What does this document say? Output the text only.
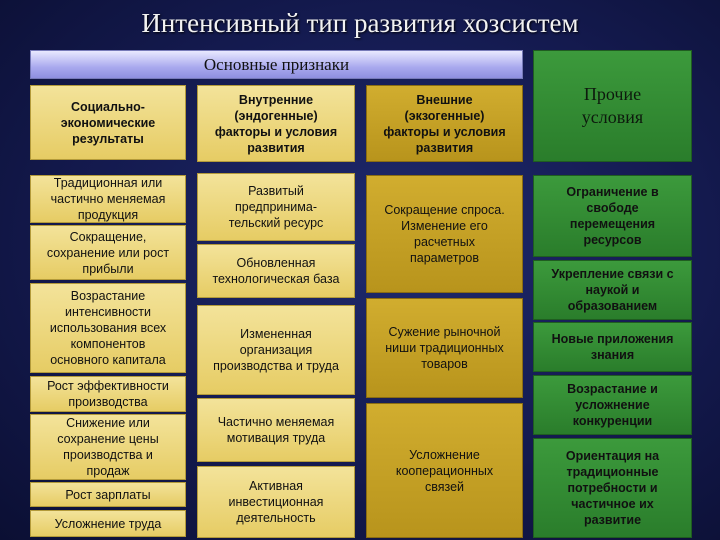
Интенсивный тип развития хозсистем
Основные признаки
Социально-
экономические
результаты
Внутренние
(эндогенные)
факторы и условия
развития
Внешние
(экзогенные)
факторы и условия
развития
Прочие
условия
Традиционная или
частично меняемая
продукция
Сокращение,
сохранение или рост
прибыли
Возрастание
интенсивности
использования всех
компонентов
основного капитала
Рост эффективности
производства
Снижение или
сохранение цены
производства и
продаж
Рост зарплаты
Усложнение труда
Развитый
предпринима-
тельский ресурс
Обновленная
технологическая база
Измененная
организация
производства и труда
Частично меняемая
мотивация труда
Активная
инвестиционная
деятельность
Сокращение спроса.
Изменение его
расчетных
параметров
Сужение рыночной
ниши традиционных
товаров
Усложнение
кооперационных
связей
Ограничение в
свободе
перемещения
ресурсов
Укрепление связи с
наукой и
образованием
Новые приложения
знания
Возрастание и
усложнение
конкуренции
Ориентация на
традиционные
потребности и
частичное их
развитие
